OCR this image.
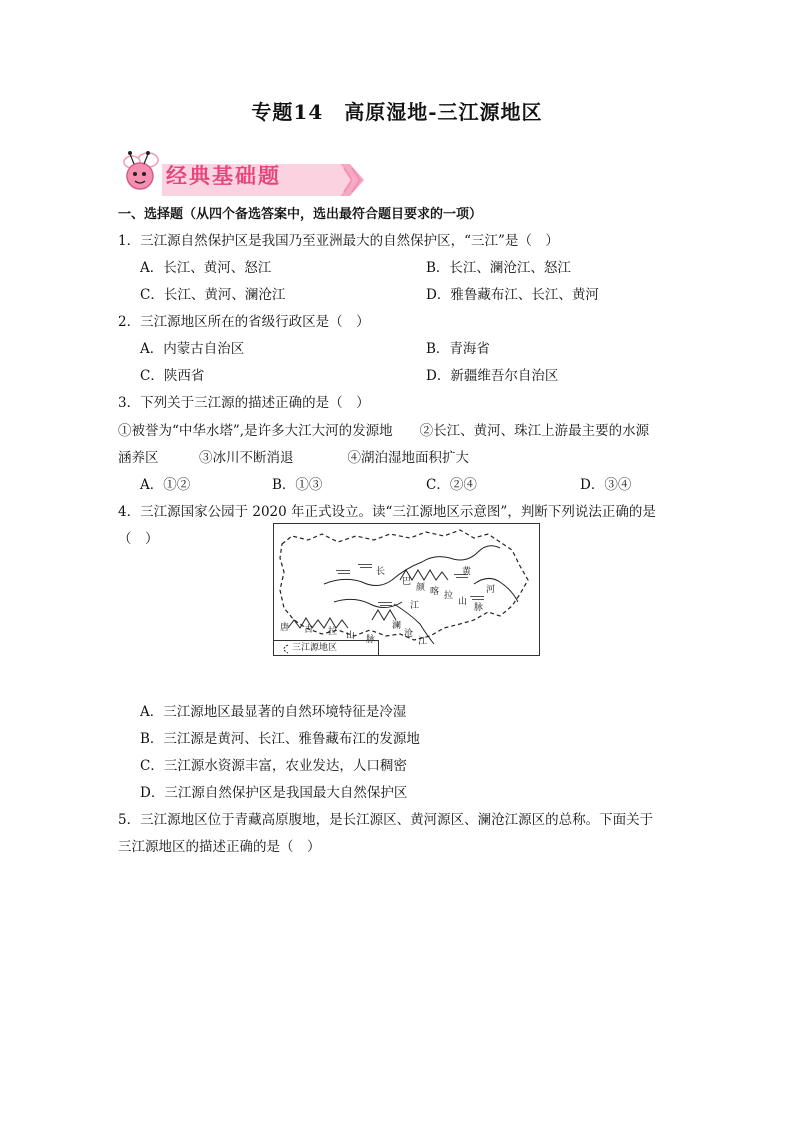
专题14　高原湿地-三江源地区
经典基础题
一、选择题（从四个备选答案中，选出最符合题目要求的一项）
1．三江源自然保护区是我国乃至亚洲最大的自然保护区，“三江”是（　）
A．长江、黄河、怒江	B．长江、澜沧江、怒江
C．长江、黄河、澜沧江	D．雅鲁藏布江、长江、黄河
2．三江源地区所在的省级行政区是（　）
A．内蒙古自治区	B．青海省
C．陕西省	D．新疆维吾尔自治区
3．下列关于三江源的描述正确的是（　）
①被誉为“中华水塔”,是许多大江大河的发源地　　②长江、黄河、珠江上游最主要的水源
涵养区　　　③冰川不断消退　　　　④湖泊湿地面积扩大
A．①②	B．①③	C．②④	D．③④
4．三江源国家公园于 2020 年正式设立。读“三江源地区示意图”，判断下列说法正确的是
（　）
长
江
黄
河
巴
颜 喀 拉
山
脉
唐 古 拉 山 脉
澜
沧
江
三江源地区
A．三江源地区最显著的自然环境特征是冷湿
B．三江源是黄河、长江、雅鲁藏布江的发源地
C．三江源水资源丰富，农业发达，人口稠密
D．三江源自然保护区是我国最大自然保护区
5．三江源地区位于青藏高原腹地，是长江源区、黄河源区、澜沧江源区的总称。下面关于
三江源地区的描述正确的是（　）
